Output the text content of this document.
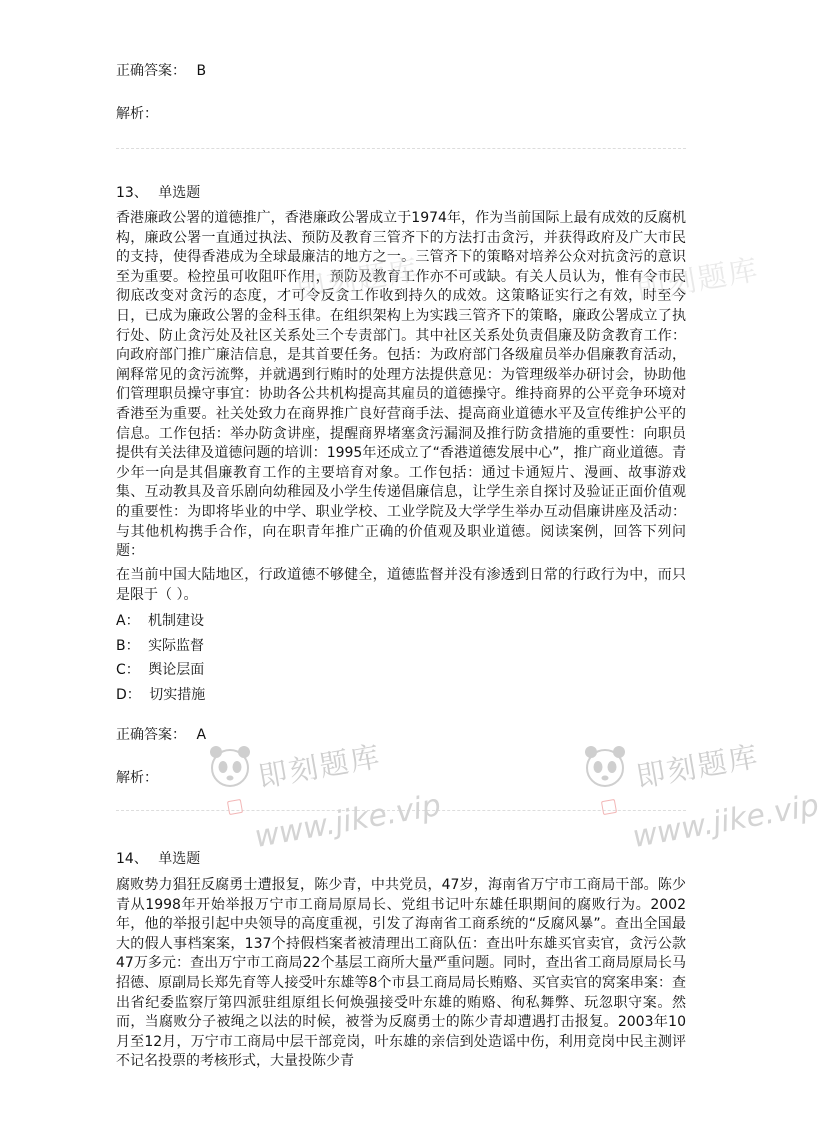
正确答案： B
解析：
13、 单选题
香港廉政公署的道德推广，香港廉政公署成立于1974年，作为当前国际上最有成效的反腐机构，廉政公署一直通过执法、预防及教育三管齐下的方法打击贪污，并获得政府及广大市民的支持，使得香港成为全球最廉洁的地方之一。三管齐下的策略对培养公众对抗贪污的意识至为重要。检控虽可收阻吓作用，预防及教育工作亦不可或缺。有关人员认为，惟有令市民彻底改变对贪污的态度，才可令反贪工作收到持久的成效。这策略证实行之有效，时至今日，已成为廉政公署的金科玉律。在组织架构上为实践三管齐下的策略，廉政公署成立了执行处、防止贪污处及社区关系处三个专责部门。其中社区关系处负责倡廉及防贪教育工作：向政府部门推广廉洁信息，是其首要任务。包括：为政府部门各级雇员举办倡廉教育活动，阐释常见的贪污流弊，并就遇到行贿时的处理方法提供意见：为管理级举办研讨会，协助他们管理职员操守事宜：协助各公共机构提高其雇员的道德操守。维持商界的公平竞争环境对香港至为重要。社关处致力在商界推广良好营商手法、提高商业道德水平及宣传维护公平的信息。工作包括：举办防贪讲座，提醒商界堵塞贪污漏洞及推行防贪措施的重要性：向职员提供有关法律及道德问题的培训：1995年还成立了“香港道德发展中心”，推广商业道德。青少年一向是其倡廉教育工作的主要培育对象。工作包括：通过卡通短片、漫画、故事游戏集、互动教具及音乐剧向幼稚园及小学生传递倡廉信息，让学生亲自探讨及验证正面价值观的重要性：为即将毕业的中学、职业学校、工业学院及大学学生举办互动倡廉讲座及活动：与其他机构携手合作，向在职青年推广正确的价值观及职业道德。阅读案例，回答下列问题：
在当前中国大陆地区，行政道德不够健全，道德监督并没有渗透到日常的行政行为中，而只是限于（ ）。
A： 机制建设
B： 实际监督
C： 舆论层面
D： 切实措施
正确答案： A
解析：
14、 单选题
腐败势力猖狂反腐勇士遭报复，陈少青，中共党员，47岁，海南省万宁市工商局干部。陈少青从1998年开始举报万宁市工商局原局长、党组书记叶东雄任职期间的腐败行为。2002年，他的举报引起中央领导的高度重视，引发了海南省工商系统的“反腐风暴”。查出全国最大的假人事档案案，137个持假档案者被清理出工商队伍：查出叶东雄买官卖官，贪污公款47万多元：查出万宁市工商局22个基层工商所大量严重问题。同时，查出省工商局原局长马招德、原副局长郑先育等人接受叶东雄等8个市县工商局局长贿赂、买官卖官的窝案串案：查出省纪委监察厅第四派驻组原组长何焕强接受叶东雄的贿赂、徇私舞弊、玩忽职守案。然而，当腐败分子被绳之以法的时候，被誉为反腐勇士的陈少青却遭遇打击报复。2003年10月至12月，万宁市工商局中层干部竞岗，叶东雄的亲信到处造谣中伤，利用竞岗中民主测评不记名投票的考核形式，大量投陈少青
即刻题库
www.jike.vip
即刻题库
www.jike.vip
即刻题库	即刻题库
